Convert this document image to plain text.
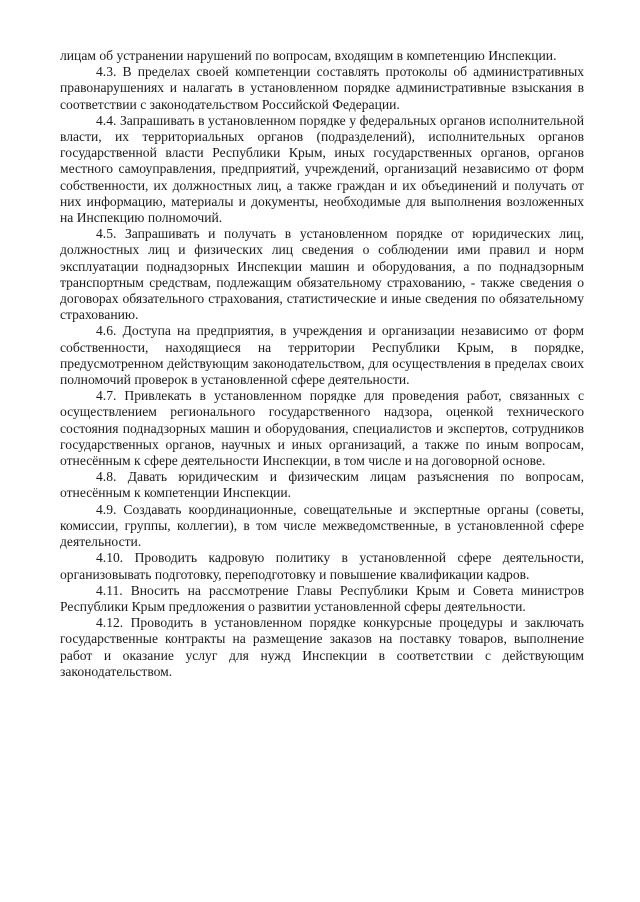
лицам об устранении нарушений по вопросам, входящим в компетенцию Инспекции.

4.3. В пределах своей компетенции составлять протоколы об административных правонарушениях и налагать в установленном порядке административные взыскания в соответствии с законодательством Российской Федерации.

4.4. Запрашивать в установленном порядке у федеральных органов исполнительной власти, их территориальных органов (подразделений), исполнительных органов государственной власти Республики Крым, иных государственных органов, органов местного самоуправления, предприятий, учреждений, организаций независимо от форм собственности, их должностных лиц, а также граждан и их объединений и получать от них информацию, материалы и документы, необходимые для выполнения возложенных на Инспекцию полномочий.

4.5. Запрашивать и получать в установленном порядке от юридических лиц, должностных лиц и физических лиц сведения о соблюдении ими правил и норм эксплуатации поднадзорных Инспекции машин и оборудования, а по поднадзорным транспортным средствам, подлежащим обязательному страхованию, - также сведения о договорах обязательного страхования, статистические и иные сведения по обязательному страхованию.

4.6. Доступа на предприятия, в учреждения и организации независимо от форм собственности, находящиеся на территории Республики Крым, в порядке, предусмотренном действующим законодательством, для осуществления в пределах своих полномочий проверок в установленной сфере деятельности.

4.7. Привлекать в установленном порядке для проведения работ, связанных с осуществлением регионального государственного надзора, оценкой технического состояния поднадзорных машин и оборудования, специалистов и экспертов, сотрудников государственных органов, научных и иных организаций, а также по иным вопросам, отнесённым к сфере деятельности Инспекции, в том числе и на договорной основе.

4.8. Давать юридическим и физическим лицам разъяснения по вопросам, отнесённым к компетенции Инспекции.

4.9. Создавать координационные, совещательные и экспертные органы (советы, комиссии, группы, коллегии), в том числе межведомственные, в установленной сфере деятельности.

4.10. Проводить кадровую политику в установленной сфере деятельности, организовывать подготовку, переподготовку и повышение квалификации кадров.

4.11. Вносить на рассмотрение Главы Республики Крым и Совета министров Республики Крым предложения о развитии установленной сферы деятельности.

4.12. Проводить в установленном порядке конкурсные процедуры и заключать государственные контракты на размещение заказов на поставку товаров, выполнение работ и оказание услуг для нужд Инспекции в соответствии с действующим законодательством.
